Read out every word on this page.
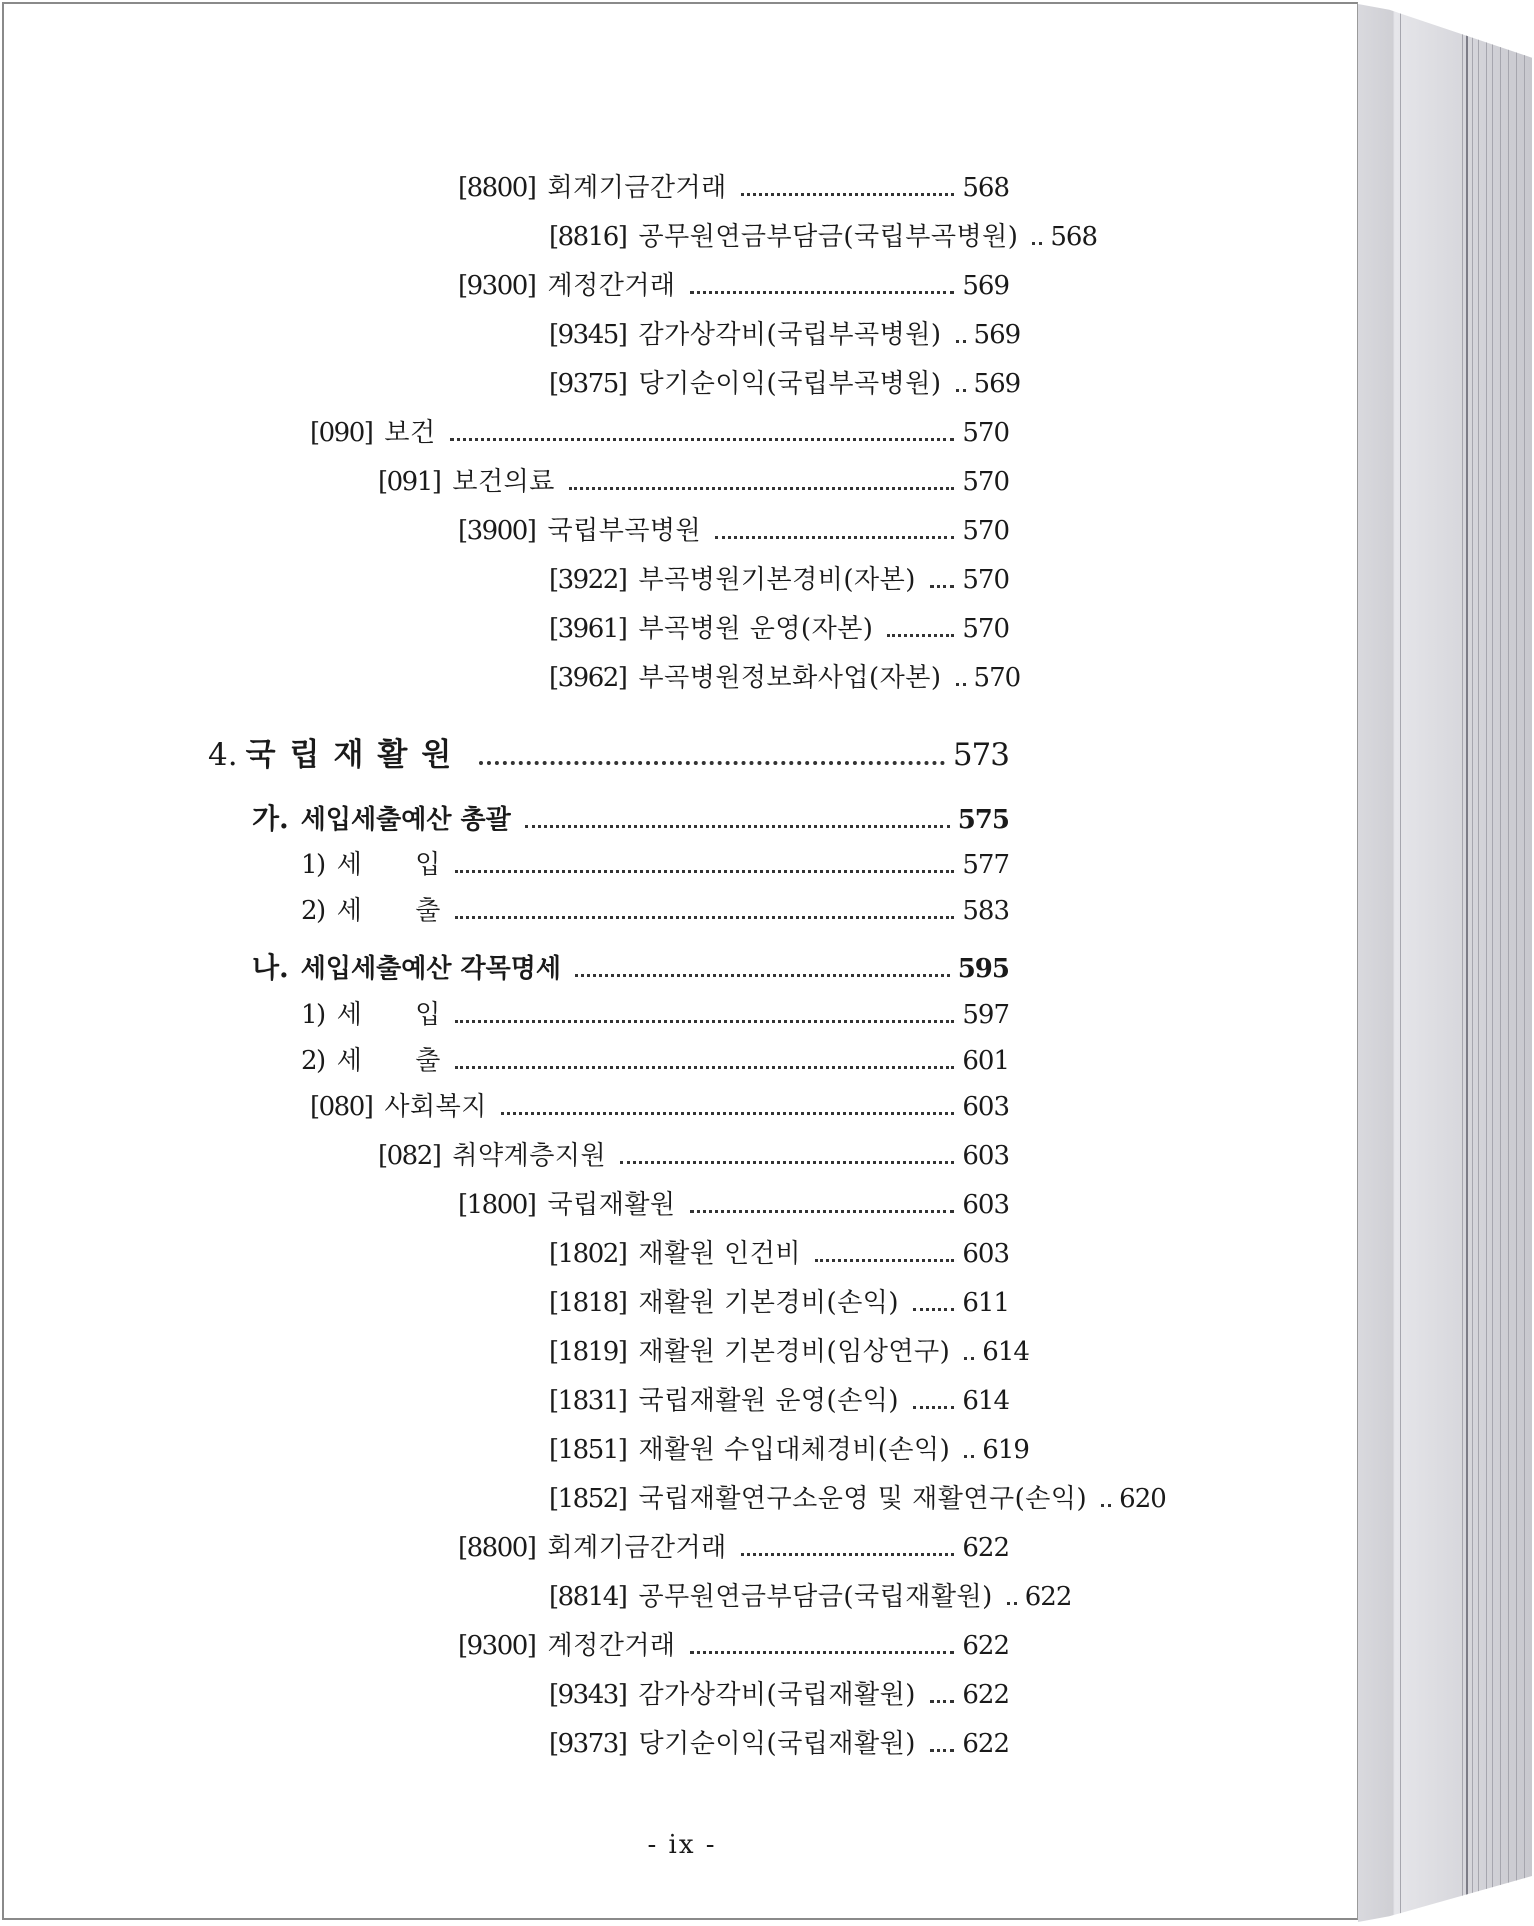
[8800] 회계기금간거래	568
[8816] 공무원연금부담금(국립부곡병원) 568
[9300] 계정간거래	569
[9345] 감가상각비(국립부곡병원) 569
[9375] 당기순이익(국립부곡병원) 569
[090] 보건	570
[091] 보건의료	570
[3900] 국립부곡병원	570
[3922] 부곡병원기본경비(자본) 570
[3961] 부곡병원 운영(자본)	570
[3962] 부곡병원정보화사업(자본) 570
4. 국립재활원	573
가. 세입세출예산 총괄	575
1) 세　　입	577
2) 세　　출	583
나. 세입세출예산 각목명세	595
1) 세　　입	597
2) 세　　출	601
[080] 사회복지	603
[082] 취약계층지원	603
[1800] 국립재활원	603
[1802] 재활원 인건비	603
[1818] 재활원 기본경비(손익) 611
[1819] 재활원 기본경비(임상연구) 614
[1831] 국립재활원 운영(손익) 614
[1851] 재활원 수입대체경비(손익) 619
[1852] 국립재활연구소운영 및 재활연구(손익) 620
[8800] 회계기금간거래	622
[8814] 공무원연금부담금(국립재활원) 622
[9300] 계정간거래	622
[9343] 감가상각비(국립재활원) 622
[9373] 당기순이익(국립재활원) 622
- ix -
